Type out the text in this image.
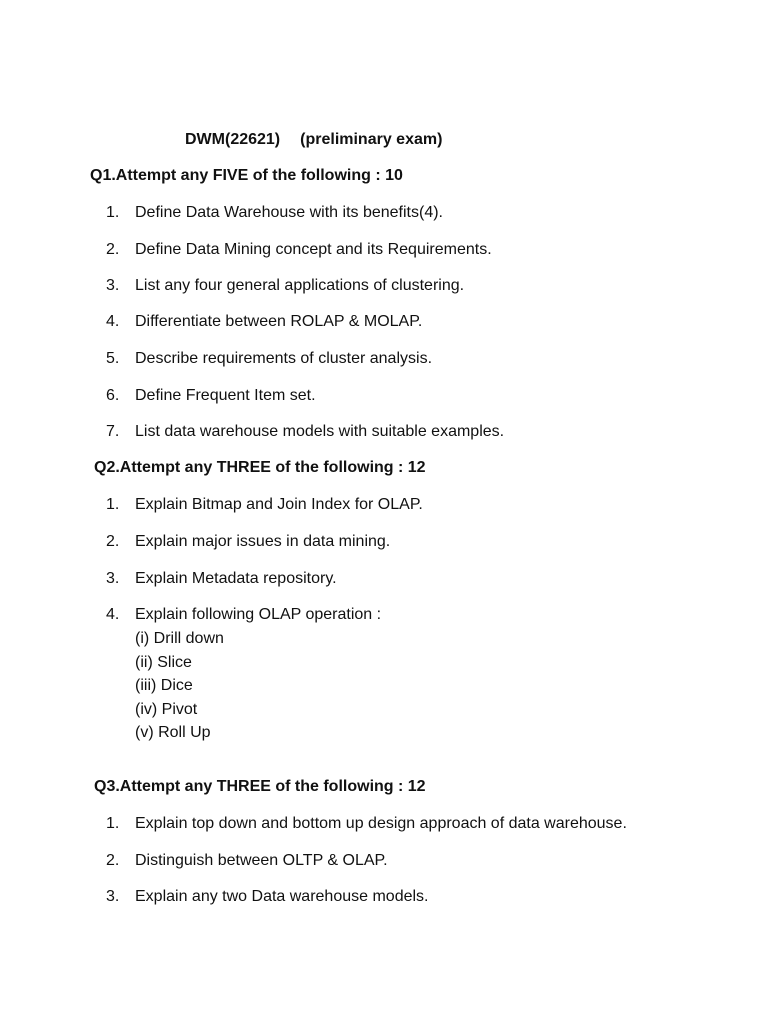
DWM(22621) (preliminary exam)
Q1.Attempt any FIVE of the following : 10
1. Define Data Warehouse with its benefits(4).
2. Define Data Mining concept and its Requirements.
3. List any four general applications of clustering.
4. Differentiate between ROLAP & MOLAP.
5. Describe requirements of cluster analysis.
6. Define Frequent Item set.
7. List data warehouse models with suitable examples.
Q2.Attempt any THREE of the following : 12
1. Explain Bitmap and Join Index for OLAP.
2. Explain major issues in data mining.
3. Explain Metadata repository.
4. Explain following OLAP operation :
(i) Drill down
(ii) Slice
(iii) Dice
(iv) Pivot
(v) Roll Up
Q3.Attempt any THREE of the following : 12
1. Explain top down and bottom up design approach of data warehouse.
2. Distinguish between OLTP & OLAP.
3. Explain any two Data warehouse models.
